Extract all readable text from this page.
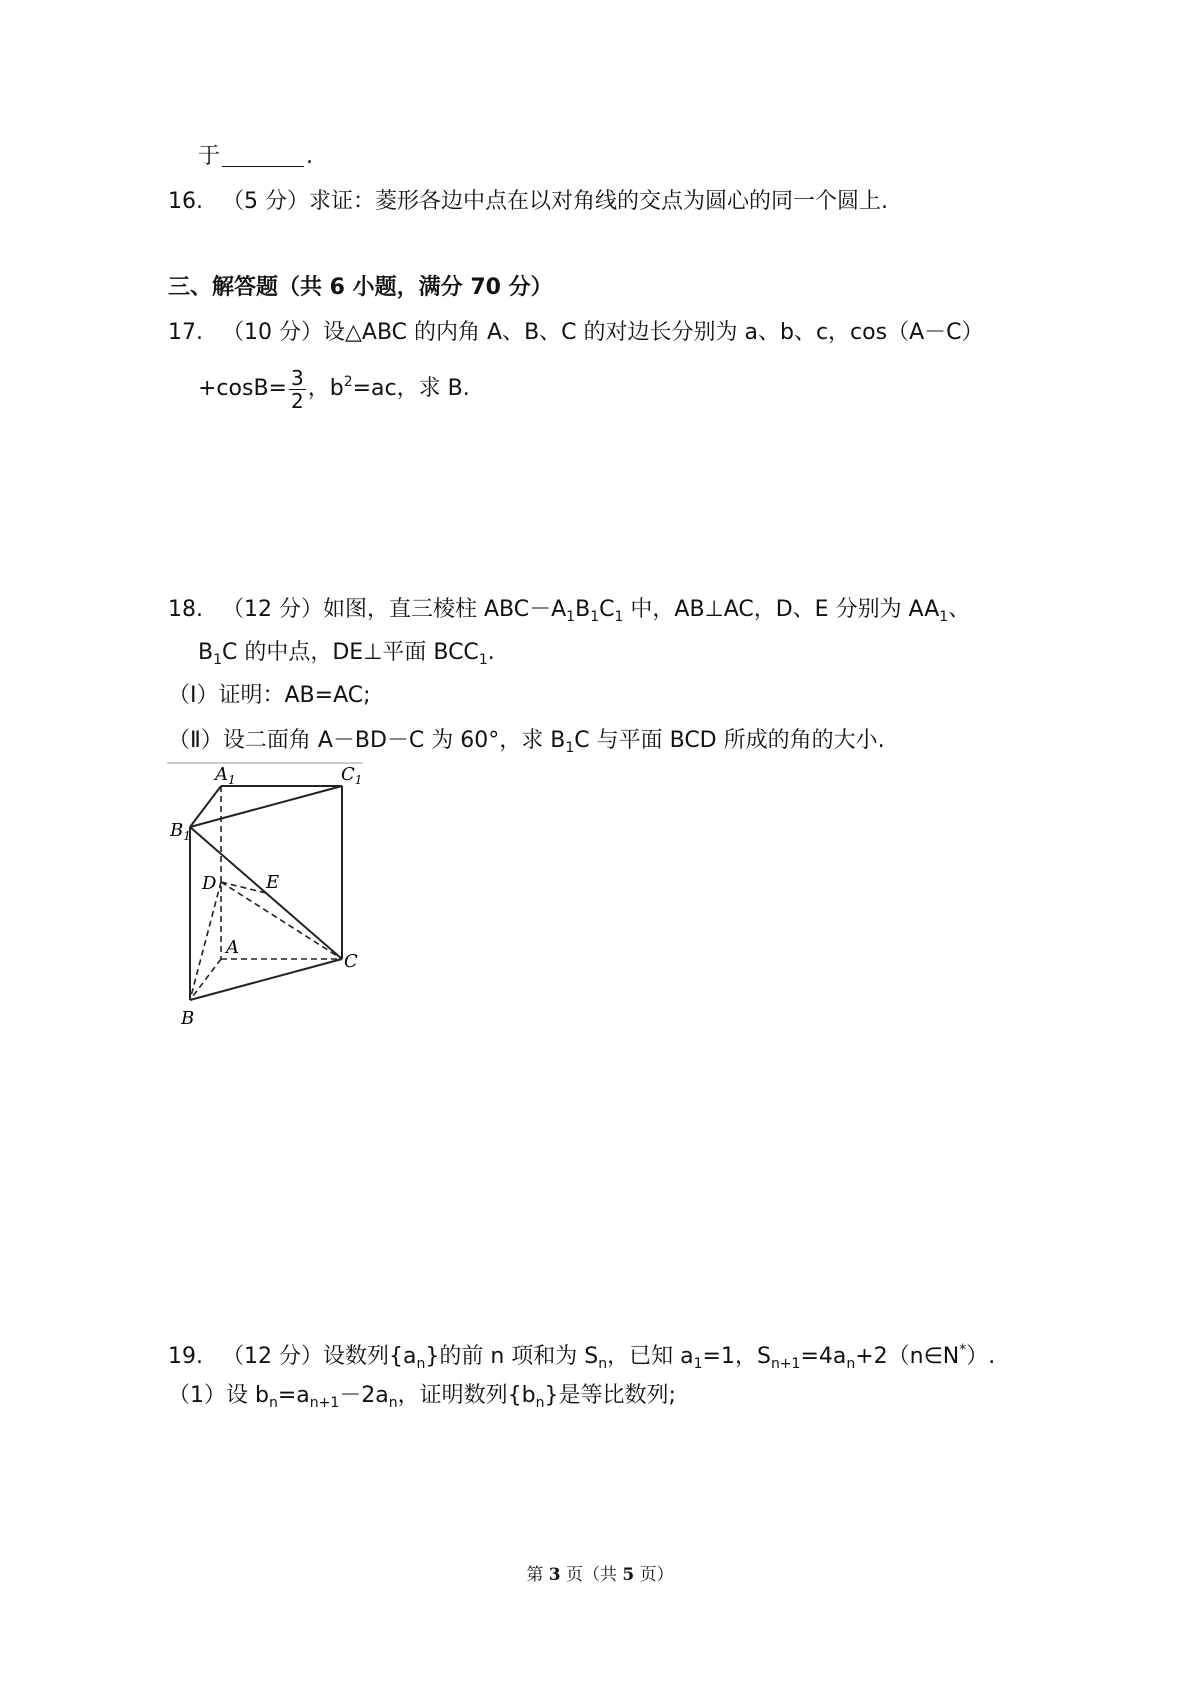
于	.
16. （5 分）求证：菱形各边中点在以对角线的交点为圆心的同一个圆上.
三、解答题（共 6 小题，满分 70 分）
17. （10 分）设△ABC 的内角 A、B、C 的对边长分别为 a、b、c，cos（A－C）
$+\cos B= \frac{3}{2}$ ，$b^2=ac$，求 B.
18. （12 分）如图，直三棱柱 $ABC-A_1B_1C_1$ 中，AB⊥AC，D、E 分别为 $AA_1$、
$B_1C$ 的中点，DE⊥平面 $BCC_1$.
（Ⅰ）证明：AB=AC;
（Ⅱ）设二面角 A－BD－C 为 60°，求 $B_1C$ 与平面 BCD 所成的角的大小.
$A_1$	$C_1$
$B_1$
D	E
A
C
B
19. （12 分）设数列$\{a_n\}$的前 n 项和为 $S_n$，已知 $a_1=1$，$S_{n+1}=4a_n+2(n\in N^*)$.
（1）设 $b_n=a_{n+1}-2a_n$，证明数列$\{b_n\}$是等比数列;
第 3 页（共 5 页）
